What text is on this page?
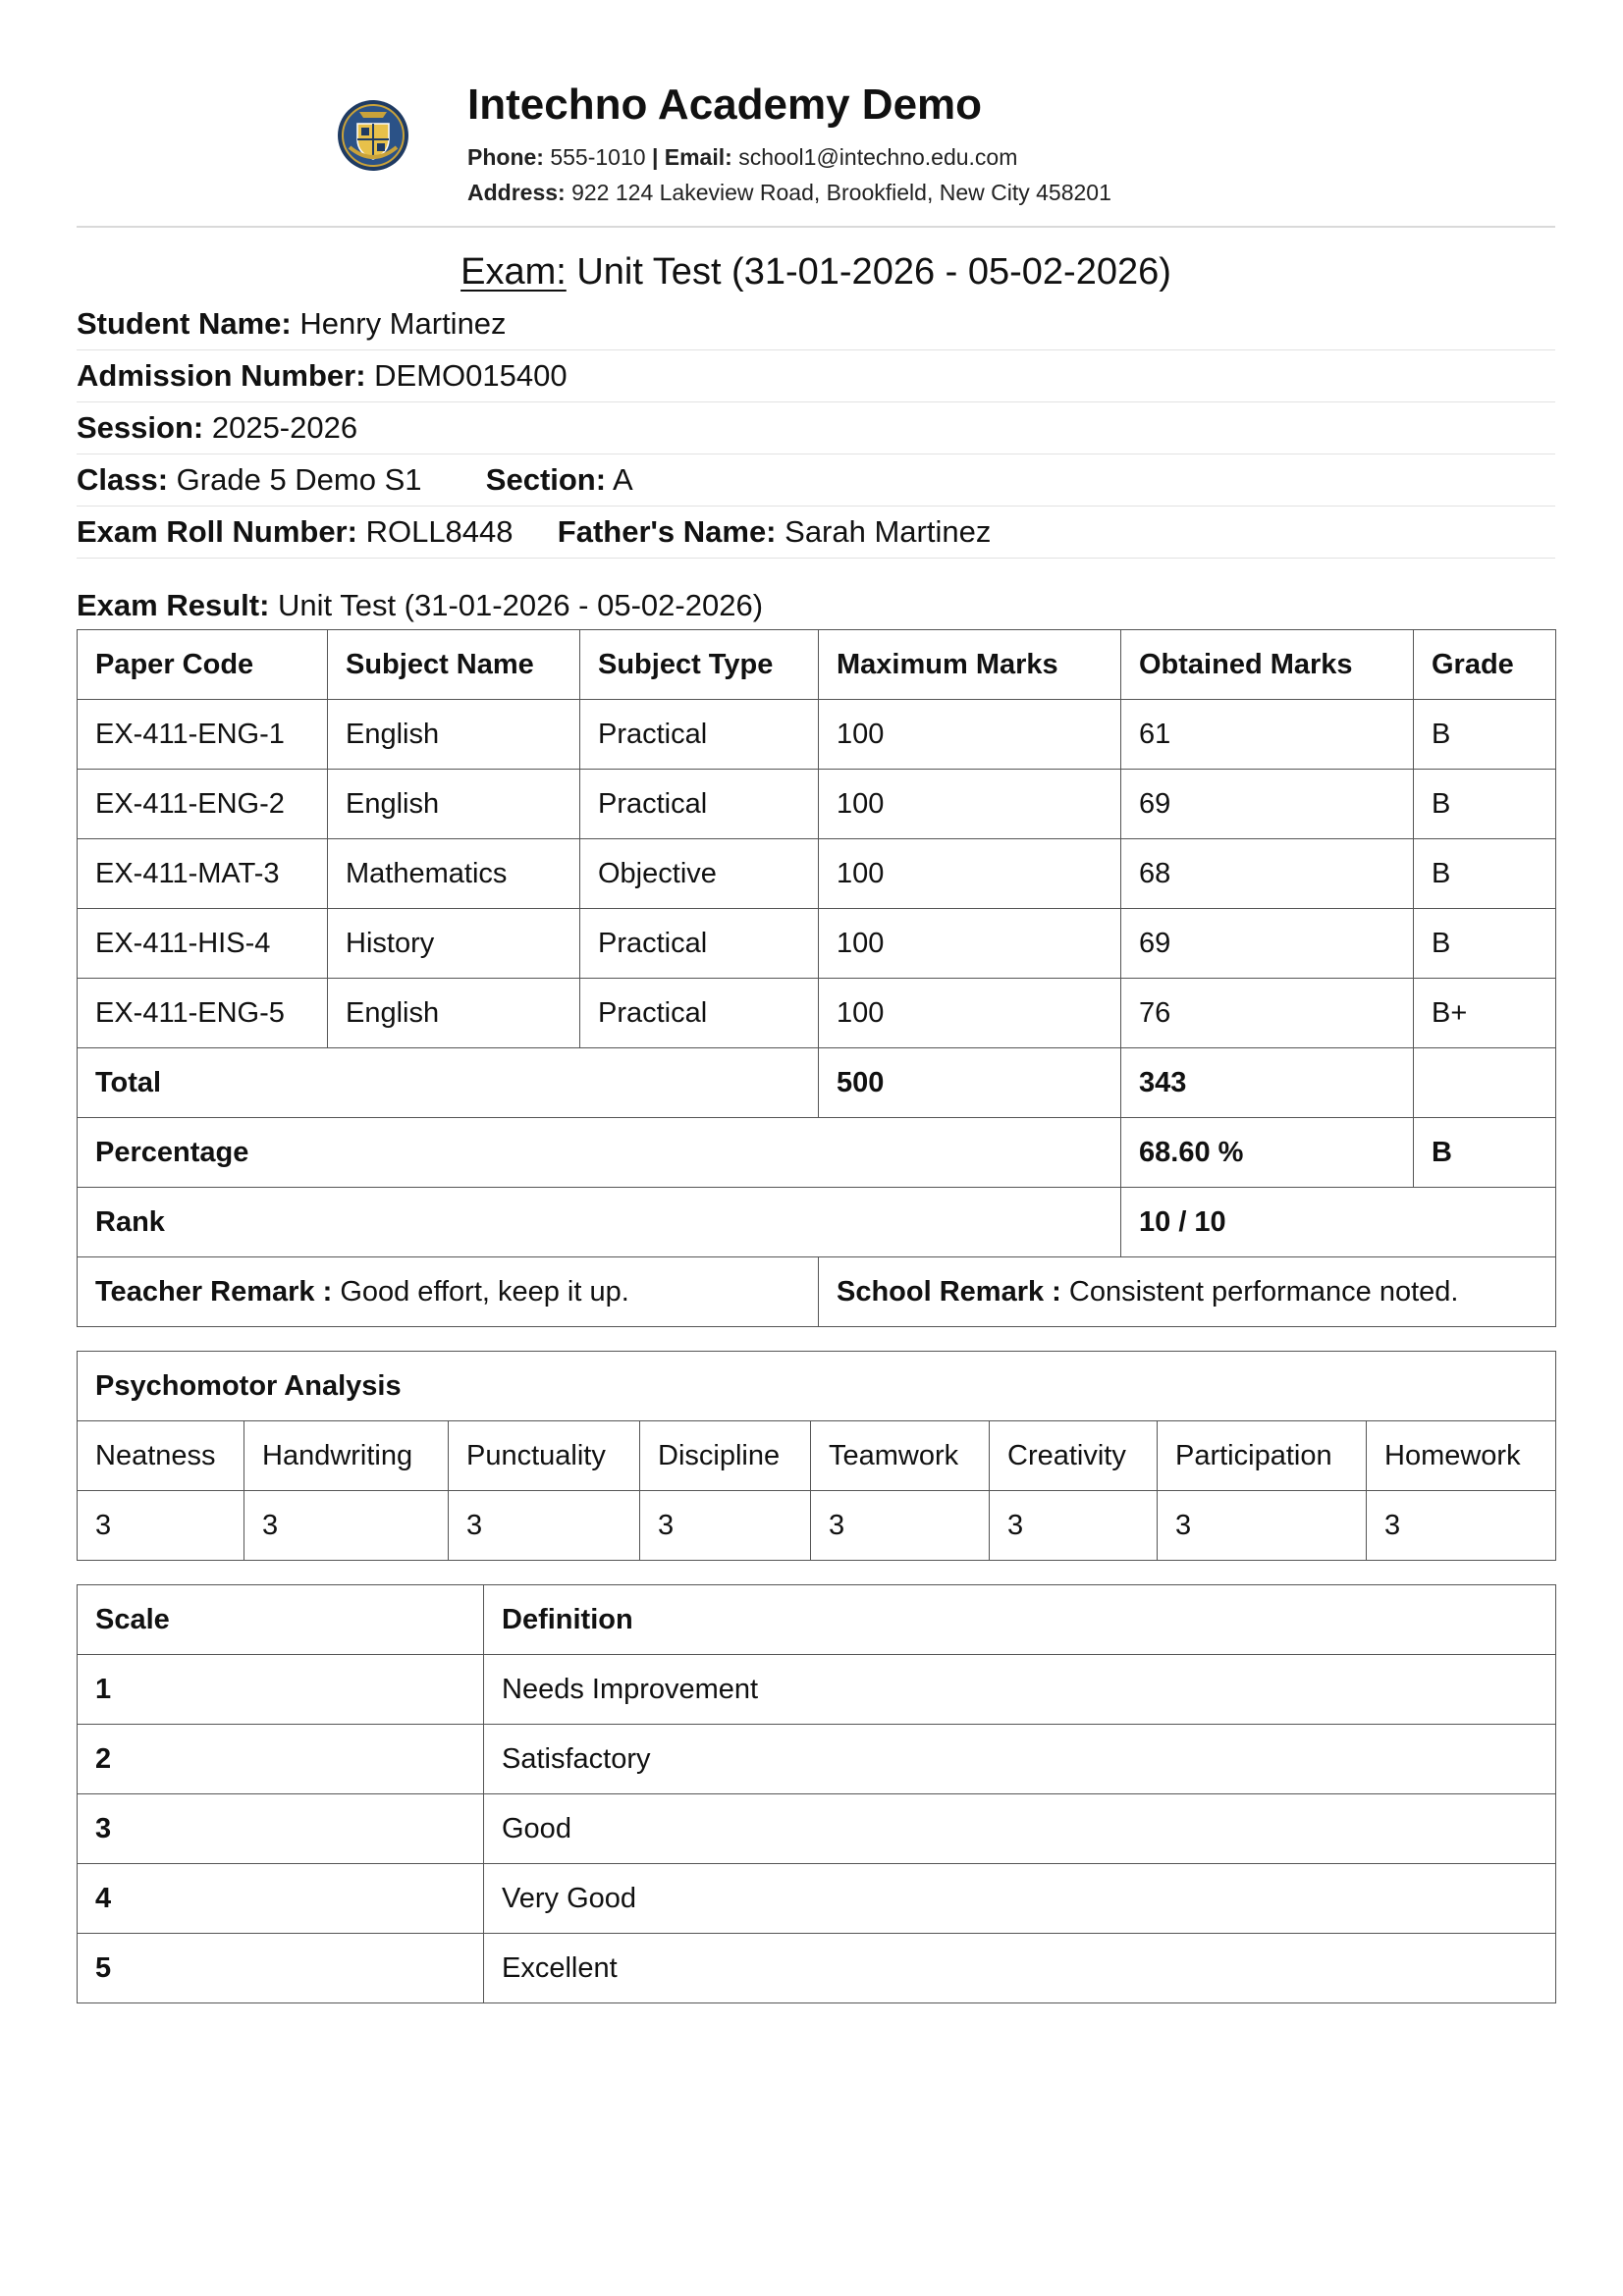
Intechno Academy Demo
Phone: 555-1010 | Email: school1@intechno.edu.com
Address: 922 124 Lakeview Road, Brookfield, New City 458201
Exam: Unit Test (31-01-2026 - 05-02-2026)
Student Name: Henry Martinez
Admission Number: DEMO015400
Session: 2025-2026
Class: Grade 5 Demo S1 Section: A
Exam Roll Number: ROLL8448 Father's Name: Sarah Martinez
Exam Result: Unit Test (31-01-2026 - 05-02-2026)
Paper Code	Subject Name	Subject Type	Maximum Marks	Obtained Marks	Grade
EX-411-ENG-1	English	Practical	100	61	B
EX-411-ENG-2	English	Practical	100	69	B
EX-411-MAT-3	Mathematics	Objective	100	68	B
EX-411-HIS-4	History	Practical	100	69	B
EX-411-ENG-5	English	Practical	100	76	B+
Total			500	343	
Percentage				68.60 %	B
Rank				10 / 10	
Teacher Remark : Good effort, keep it up.			School Remark : Consistent performance noted.		
Psychomotor Analysis							
Neatness	Handwriting	Punctuality	Discipline	Teamwork	Creativity	Participation	Homework
3	3	3	3	3	3	3	3
Scale	Definition
1	Needs Improvement
2	Satisfactory
3	Good
4	Very Good
5	Excellent
